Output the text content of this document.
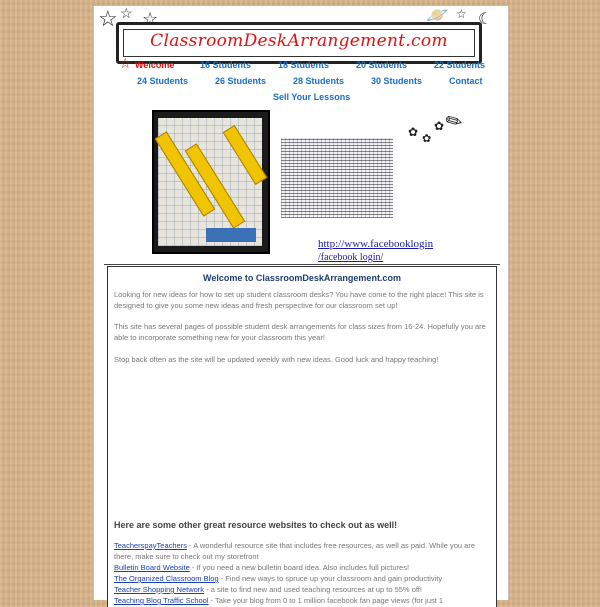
ClassroomDeskArrangement.com
☆ ☆ ☆	🪐 ☾
☆
☆ Welcome	16 Students	18 Students	20 Students	22 Students
24 Students	26 Students	28 Students	30 Students	Contact
Sell Your Lessons
✿ ✿
✿
✎
http://www.facebooklogin
/facebook login/
Welcome to ClassroomDeskArrangement.com
Looking for new ideas for how to set up student classroom desks? You have come to the right place! This site is designed to give you some new ideas and fresh perspective for our classroom set up!
This site has several pages of possible student desk arrangements for class sizes from 16-24. Hopefully you are able to incorporate something new for your classroom this year!
Stop back often as the site will be updated weekly with new ideas. Good luck and happy teaching!
Here are some other great resource websites to check out as well!
TeacherspayTeachers - A wonderful resource site that includes free resources, as well as paid. While you are there, make sure to check out my storefront
Bulletin Board Website - If you need a new bulletin board idea. Also includes full pictures!
The Organized Classroom Blog - Find new ways to spruce up your classroom and gain productivity
Teacher Shopping Network - a site to find new and used teaching resources at up to 55% off!
Teaching Blog Traffic School - Take your blog from 0 to 1 million facebook fan page views (for just 1
